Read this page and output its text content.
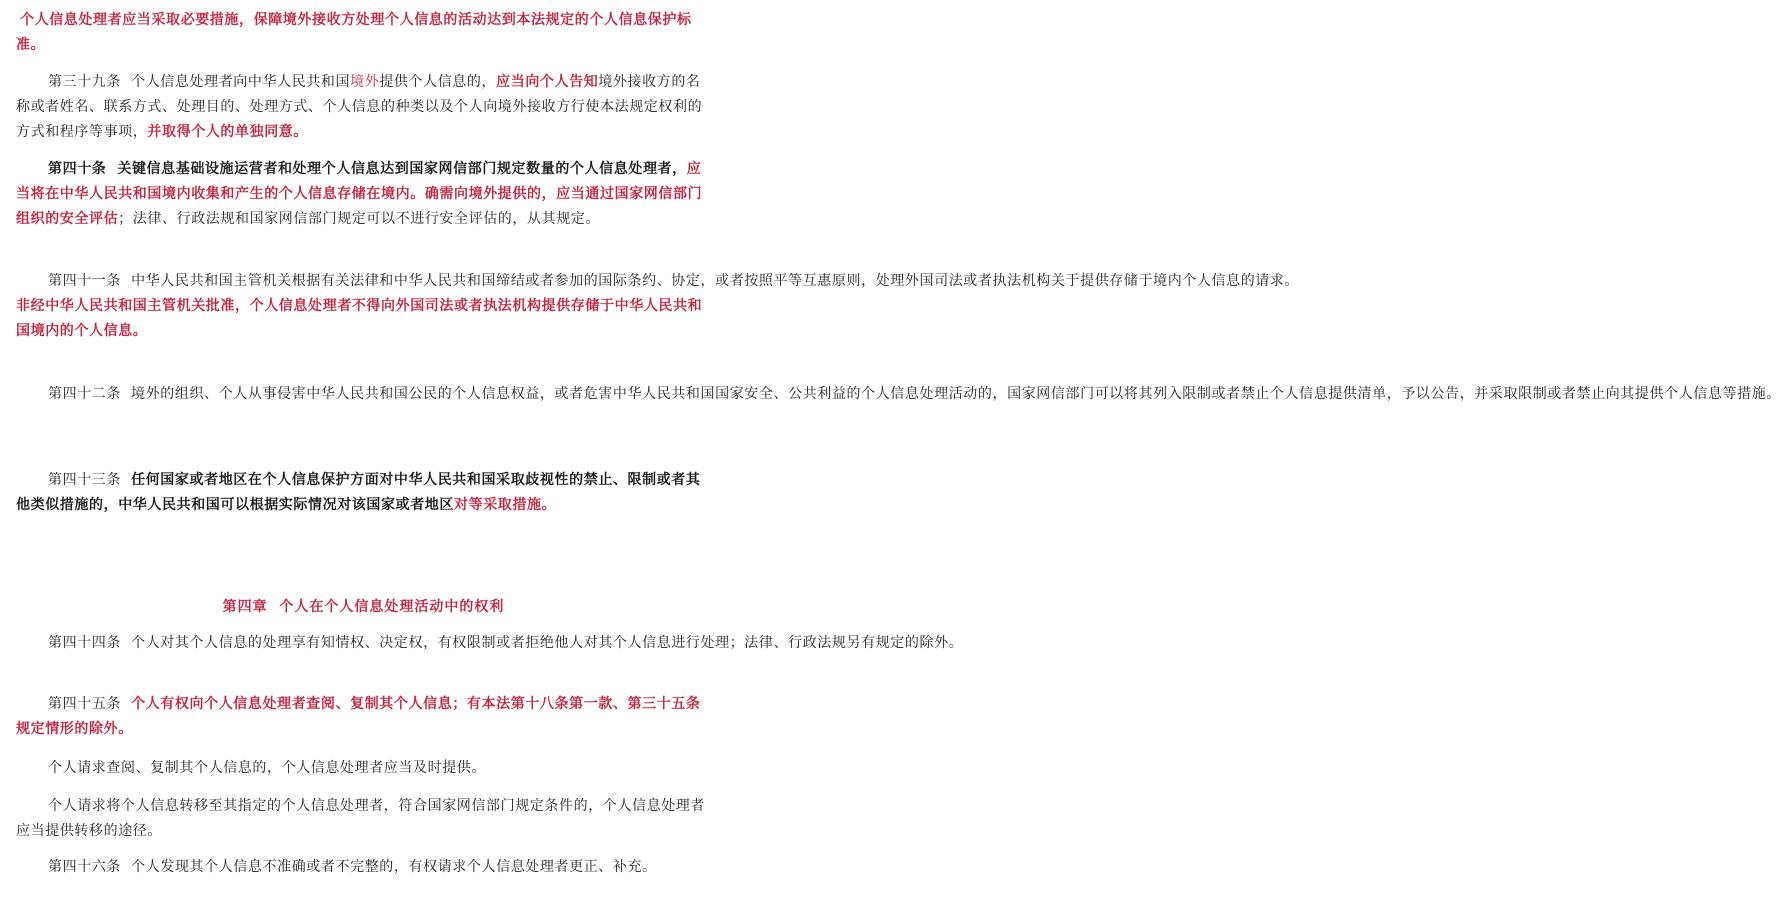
个人信息处理者应当采取必要措施，保障境外接收方处理个人信息的活动达到本法规定的个人信息保护标准。

第三十九条  个人信息处理者向中华人民共和国境外提供个人信息的，应当向个人告知境外接收方的名称或者姓名、联系方式、处理目的、处理方式、个人信息的种类以及个人向境外接收方行使本法规定权利的方式和程序等事项，并取得个人的单独同意。

第四十条  关键信息基础设施运营者和处理个人信息达到国家网信部门规定数量的个人信息处理者，应当将在中华人民共和国境内收集和产生的个人信息存储在境内。确需向境外提供的，应当通过国家网信部门组织的安全评估；法律、行政法规和国家网信部门规定可以不进行安全评估的，从其规定。

第四十一条  中华人民共和国主管机关根据有关法律和中华人民共和国缔结或者参加的国际条约、协定，或者按照平等互惠原则，处理外国司法或者执法机构关于提供存储于境内个人信息的请求。非经中华人民共和国主管机关批准，个人信息处理者不得向外国司法或者执法机构提供存储于中华人民共和国境内的个人信息。

第四十二条  境外的组织、个人从事侵害中华人民共和国公民的个人信息权益，或者危害中华人民共和国国家安全、公共利益的个人信息处理活动的，国家网信部门可以将其列入限制或者禁止个人信息提供清单，予以公告，并采取限制或者禁止向其提供个人信息等措施。

第四十三条  任何国家或者地区在个人信息保护方面对中华人民共和国采取歧视性的禁止、限制或者其他类似措施的，中华人民共和国可以根据实际情况对该国家或者地区对等采取措施。

第四章  个人在个人信息处理活动中的权利

第四十四条  个人对其个人信息的处理享有知情权、决定权，有权限制或者拒绝他人对其个人信息进行处理；法律、行政法规另有规定的除外。

第四十五条  个人有权向个人信息处理者查阅、复制其个人信息；有本法第十八条第一款、第三十五条规定情形的除外。

个人请求查阅、复制其个人信息的，个人信息处理者应当及时提供。

个人请求将个人信息转移至其指定的个人信息处理者，符合国家网信部门规定条件的，个人信息处理者应当提供转移的途径。

第四十六条  个人发现其个人信息不准确或者不完整的，有权请求个人信息处理者更正、补充。
